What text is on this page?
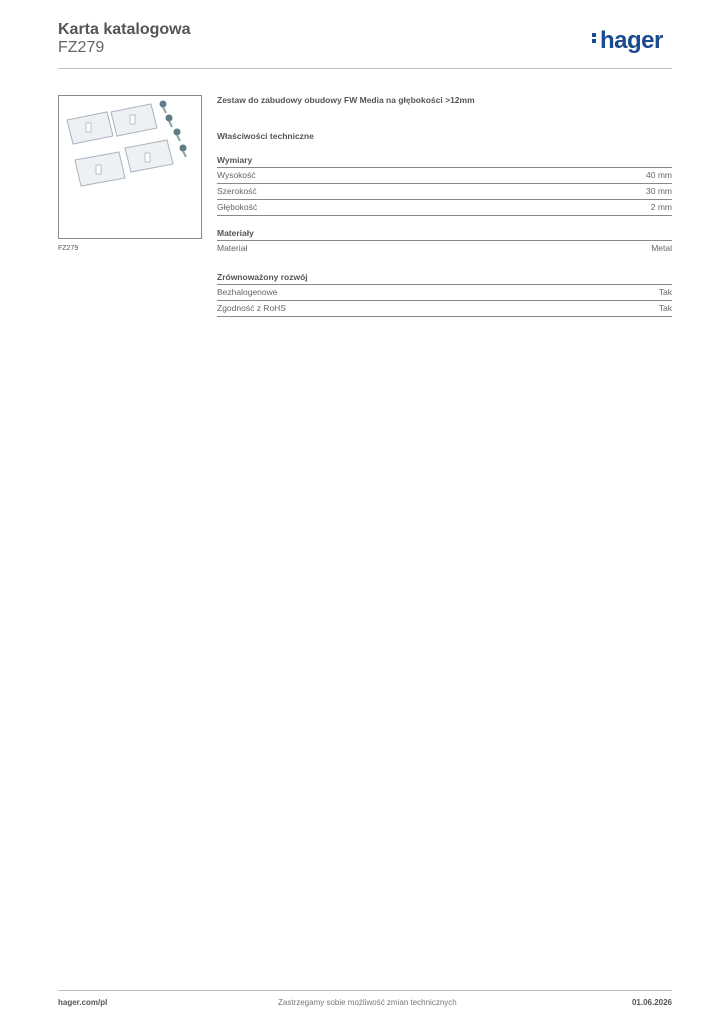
Karta katalogowa
FZ279	hager
FZ279
Zestaw do zabudowy obudowy FW Media na głębokości >12mm
Właściwości techniczne
Wymiary
Wysokość	40 mm
Szerokość	30 mm
Głębokość	2 mm
Materiały
Materiał	Metal
Zrównoważony rozwój
Bezhalogenowe	Tak
Zgodność z RoHS	Tak
hager.com/pl	Zastrzegamy sobie możliwość zmian technicznych	01.06.2026
